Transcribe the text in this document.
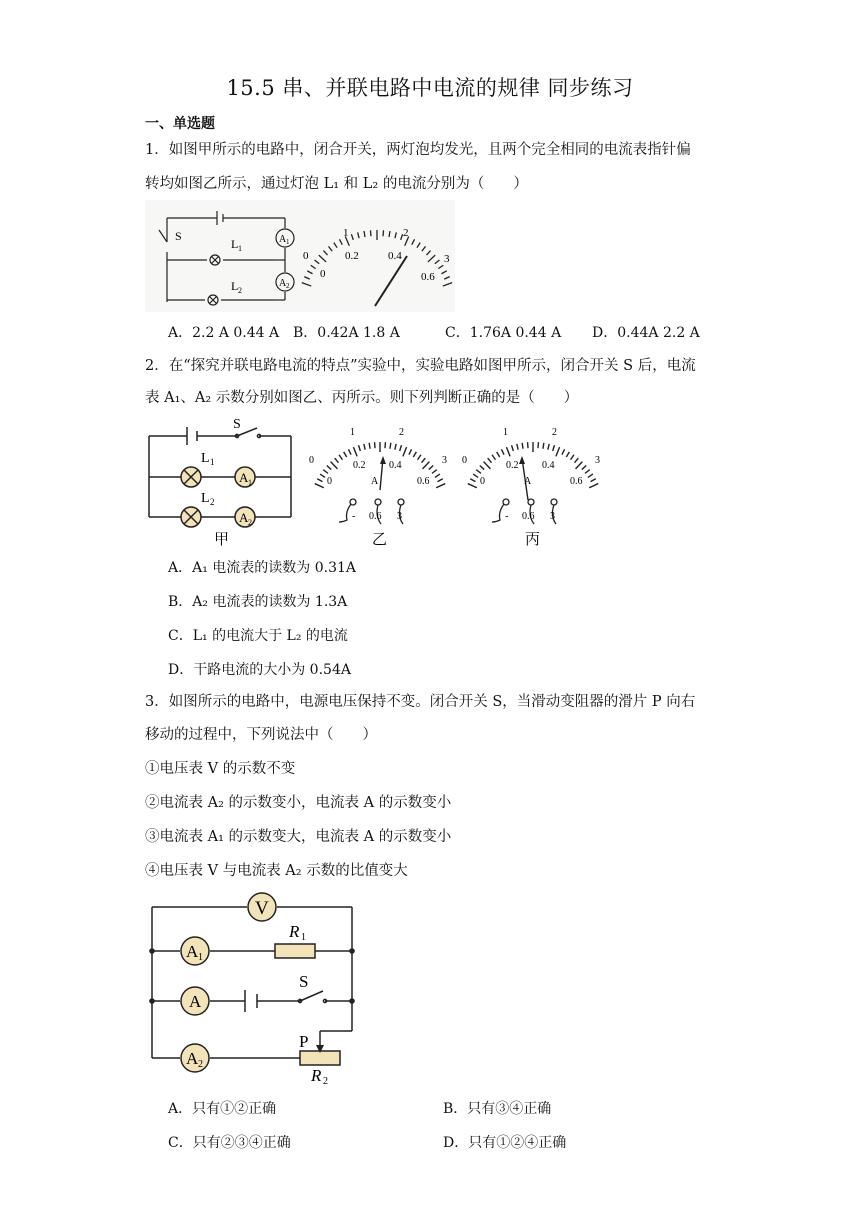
15.5 串、并联电路中电流的规律 同步练习
一、单选题
1．如图甲所示的电路中，闭合开关，两灯泡均发光，且两个完全相同的电流表指针偏
转均如图乙所示，通过灯泡 L₁ 和 L₂ 的电流分别为（　　）
S
L 1
L 2
A 1
A 2
0
1	2
3
0
0.2	0.4
0.6
A．2.2 A 0.44 A B．0.42A 1.8 A	C．1.76A 0.44 A D．0.44A 2.2 A
2．在“探究并联电路电流的特点”实验中，实验电路如图甲所示，闭合开关 S 后，电流
表 A₁、A₂ 示数分别如图乙、丙所示。则下列判断正确的是（　　）
S
L 1
L 2
A 1
A 2
甲
0
1	2
3
0
0.2 0.4
0.6
A
- 0.6 3
乙
0
1	2
3
0
0.2 0.4
0.6
A
- 0.6 3
丙
A．A₁ 电流表的读数为 0.31A
B．A₂ 电流表的读数为 1.3A
C．L₁ 的电流大于 L₂ 的电流
D．干路电流的大小为 0.54A
3．如图所示的电路中，电源电压保持不变。闭合开关 S，当滑动变阻器的滑片 P 向右
移动的过程中，下列说法中（　　）
①电压表 V 的示数不变
②电流表 A₂ 的示数变小，电流表 A 的示数变小
③电流表 A₁ 的示数变大，电流表 A 的示数变小
④电压表 V 与电流表 A₂ 示数的比值变大
V
A 1
A
A 2
R 1
R 2
S
P
A．只有①②正确	B．只有③④正确
C．只有②③④正确	D．只有①②④正确
